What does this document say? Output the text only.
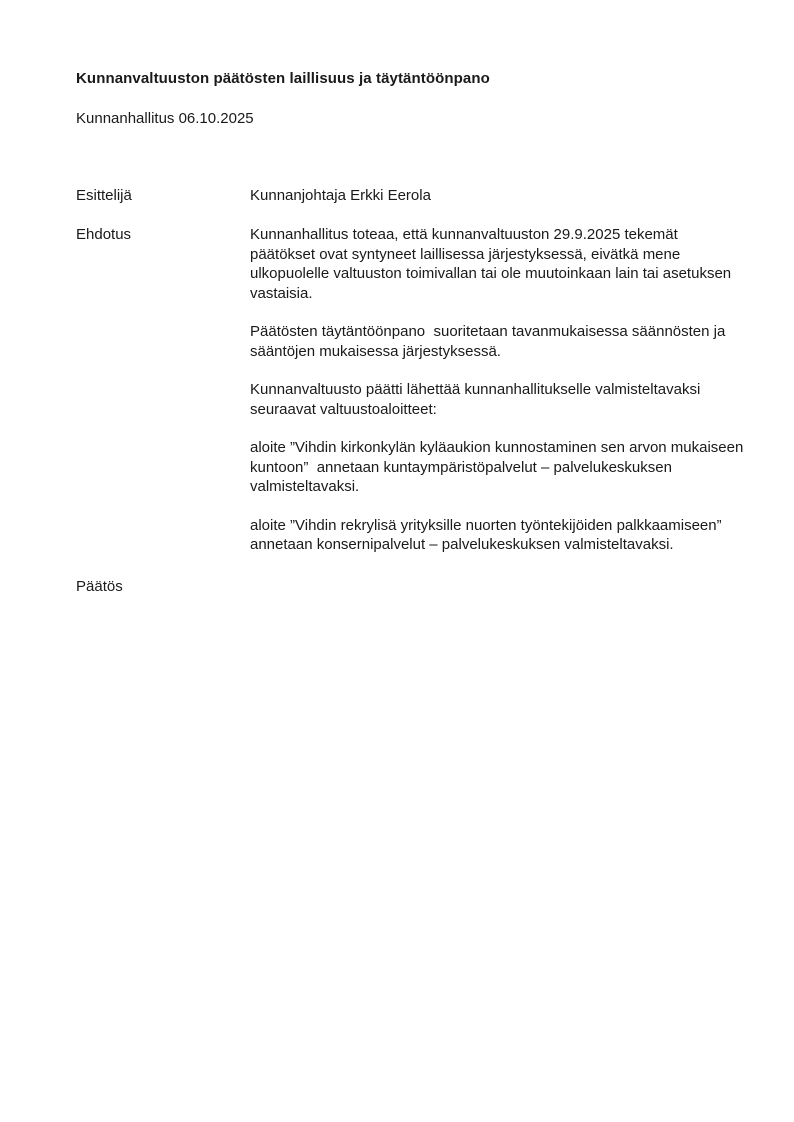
Kunnanvaltuuston päätösten laillisuus ja täytäntöönpano
Kunnanhallitus 06.10.2025
Esittelijä	Kunnanjohtaja Erkki Eerola
Ehdotus	Kunnanhallitus toteaa, että kunnanvaltuuston 29.9.2025 tekemät päätökset ovat syntyneet laillisessa järjestyksessä, eivätkä mene ulkopuolelle valtuuston toimivallan tai ole muutoinkaan lain tai asetuksen vastaisia.

Päätösten täytäntöönpano  suoritetaan tavanmukaisessa säännösten ja sääntöjen mukaisessa järjestyksessä.

Kunnanvaltuusto päätti lähettää kunnanhallitukselle valmisteltavaksi seuraavat valtuustoaloitteet:

aloite ”Vihdin kirkonkylän kyläaukion kunnostaminen sen arvon mukaiseen kuntoon”  annetaan kuntaympäristöpalvelut – palvelukeskuksen valmisteltavaksi.

aloite ”Vihdin rekrylisä yrityksille nuorten työntekijöiden palkkaamiseen” annetaan konsernipalvelut – palvelukeskuksen valmisteltavaksi.

Päätös
